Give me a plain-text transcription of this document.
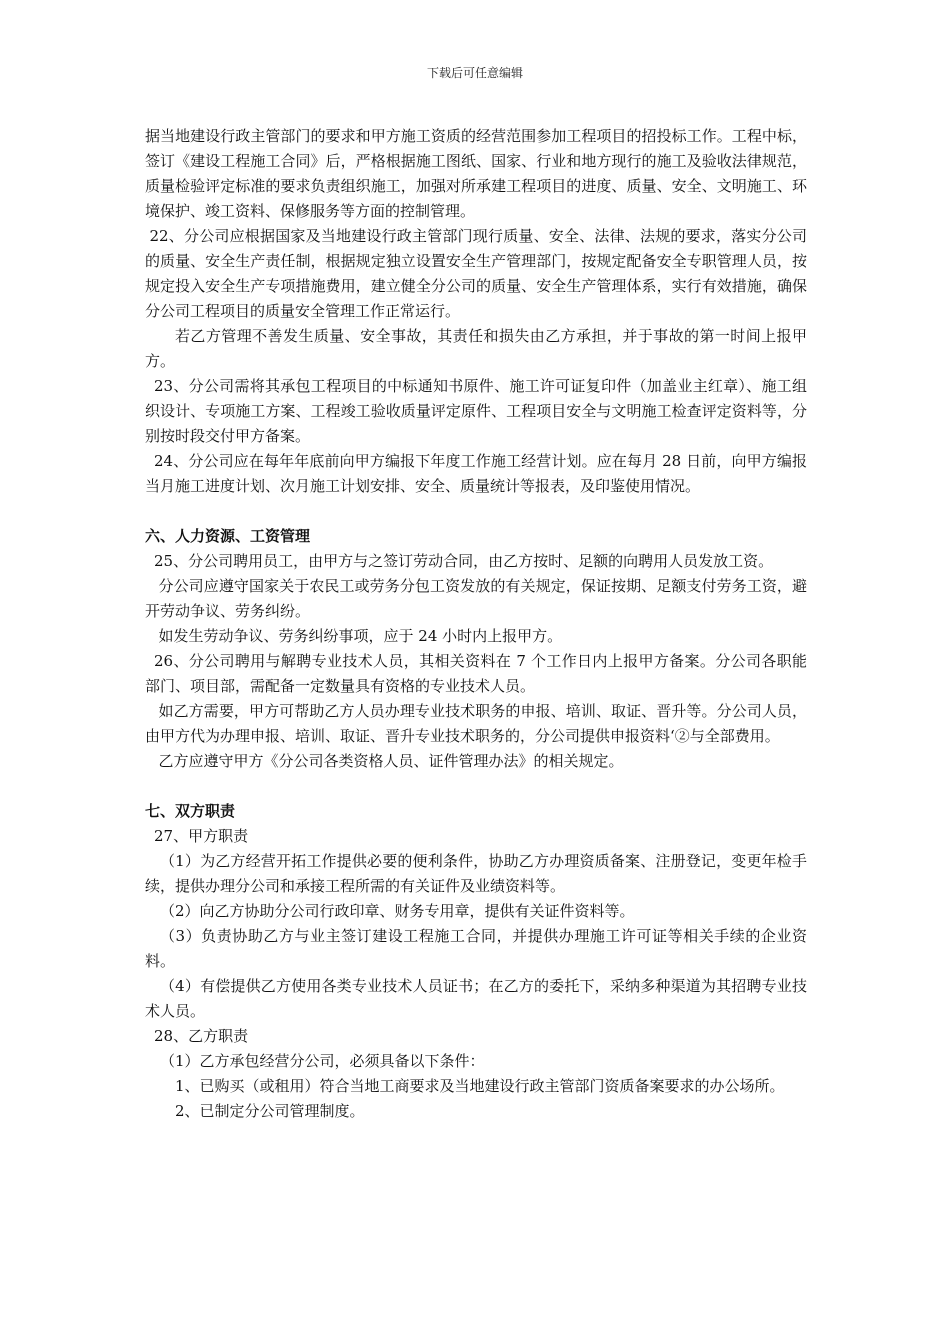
下载后可任意编辑

据当地建设行政主管部门的要求和甲方施工资质的经营范围参加工程项目的招投标工作。工程中标，签订《建设工程施工合同》后，严格根据施工图纸、国家、行业和地方现行的施工及验收法律规范，质量检验评定标准的要求负责组织施工，加强对所承建工程项目的进度、质量、安全、文明施工、环境保护、竣工资料、保修服务等方面的控制管理。

22、分公司应根据国家及当地建设行政主管部门现行质量、安全、法律、法规的要求，落实分公司的质量、安全生产责任制，根据规定独立设置安全生产管理部门，按规定配备安全专职管理人员，按规定投入安全生产专项措施费用，建立健全分公司的质量、安全生产管理体系，实行有效措施，确保分公司工程项目的质量安全管理工作正常运行。

若乙方管理不善发生质量、安全事故，其责任和损失由乙方承担，并于事故的第一时间上报甲方。

23、分公司需将其承包工程项目的中标通知书原件、施工许可证复印件（加盖业主红章）、施工组织设计、专项施工方案、工程竣工验收质量评定原件、工程项目安全与文明施工检查评定资料等，分别按时段交付甲方备案。

24、分公司应在每年年底前向甲方编报下年度工作施工经营计划。应在每月 28 日前，向甲方编报当月施工进度计划、次月施工计划安排、安全、质量统计等报表，及印鉴使用情况。

六、人力资源、工资管理

25、分公司聘用员工，由甲方与之签订劳动合同，由乙方按时、足额的向聘用人员发放工资。

分公司应遵守国家关于农民工或劳务分包工资发放的有关规定，保证按期、足额支付劳务工资，避开劳动争议、劳务纠纷。

如发生劳动争议、劳务纠纷事项，应于 24 小时内上报甲方。

26、分公司聘用与解聘专业技术人员，其相关资料在 7 个工作日内上报甲方备案。分公司各职能部门、项目部，需配备一定数量具有资格的专业技术人员。

如乙方需要，甲方可帮助乙方人员办理专业技术职务的申报、培训、取证、晋升等。分公司人员，由甲方代为办理申报、培训、取证、晋升专业技术职务的，分公司提供申报资料‘②与全部费用。

乙方应遵守甲方《分公司各类资格人员、证件管理办法》的相关规定。

七、双方职责

27、甲方职责

（1）为乙方经营开拓工作提供必要的便利条件，协助乙方办理资质备案、注册登记，变更年检手续，提供办理分公司和承接工程所需的有关证件及业绩资料等。

（2）向乙方协助分公司行政印章、财务专用章，提供有关证件资料等。

（3）负责协助乙方与业主签订建设工程施工合同，并提供办理施工许可证等相关手续的企业资料。

（4）有偿提供乙方使用各类专业技术人员证书；在乙方的委托下，采纳多种渠道为其招聘专业技术人员。

28、乙方职责

（1）乙方承包经营分公司，必须具备以下条件：

1、已购买（或租用）符合当地工商要求及当地建设行政主管部门资质备案要求的办公场所。

2、已制定分公司管理制度。
